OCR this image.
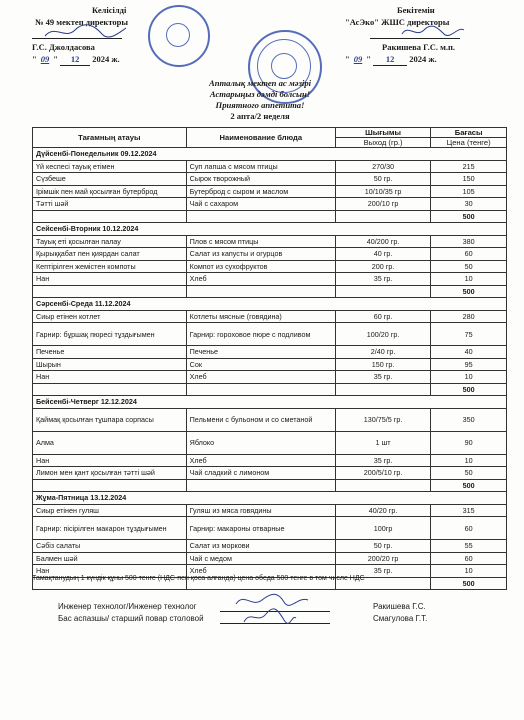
Келісілді
№ 49 мектеп директоры
Г.С. Джолдасова
" 09 " 12 2024 ж.
Бекітемін
"АсЭко" ЖШС директоры
Ракишева Г.С. м.п.
" 09 " 12 2024 ж.
Апталық мектеп ас мәзірі
Астарыңыз дәмді болсын!
Приятного аппетита!
2 апта/2 неделя
Тағамның атауы	Наименование блюда	Шығымы	Бағасы
		Выход (гр.)	Цена (тенге)
Дүйсенбі-Понедельник 09.12.2024			
Үй кеспесі тауық етімен	Суп лапша с мясом птицы	270/30	215
Сүзбеше	Сырок творожный	50 гр.	150
Ірімшік пен май қосылған бутерброд	Бутерброд с сыром и маслом	10/10/35 гр	105
Тәтті шәй	Чай с сахаром	200/10 гр	30
			500
Сейсенбі-Вторник 10.12.2024			
Тауық еті қосылған палау	Плов с мясом птицы	40/200 гр.	380
Қырыққабат пен қиярдан салат	Салат из капусты и огурцов	40 гр.	60
Кептірілген жемістен компоты	Компот из сухофруктов	200 гр.	50
Нан	Хлеб	35 гр.	10
			500
Сәрсенбі-Среда 11.12.2024			
Сиыр етінен котлет	Котлеты мясные (говядина)	60 гр.	280
Гарнир: бұршақ пюресі тұздығымен	Гарнир: гороховое пюре с подливом	100/20 гр.	75
Печенье	Печенье	2/40 гр.	40
Шырын	Сок	150 гр.	95
Нан	Хлеб	35 гр.	10
			500
Бейсенбі-Четверг 12.12.2024			
Қаймақ қосылған тұшпара сорпасы	Пельмени с бульоном и со сметаной	130/75/5 гр.	350
Алма	Яблоко	1 шт	90
Нан	Хлеб	35 гр.	10
Лимон мен қант қосылған тәтті шәй	Чай сладкий с лимоном	200/5/10 гр.	50
			500
Жұма-Пятница 13.12.2024			
Сиыр етінен гуляш	Гуляш из мяса говядины	40/20 гр.	315
Гарнир: пісірілген макарон тұздығымен	Гарнир: макароны отварные	100гр	60
Сәбіз салаты	Салат из моркови	50 гр.	55
Балмен шәй	Чай с медом	200/20 гр	60
Нан	Хлеб	35 гр.	10
			500
Тамақтанудың 1 күндік құны 500 тенге (НДС-пен қоса алғанда) цена обеда 500 тенге в том числе НДС
Инженер технолог/Инженер технолог	Ракишева Г.С.
Бас аспазшы/ старший повар столовой	Смагулова Г.Т.
